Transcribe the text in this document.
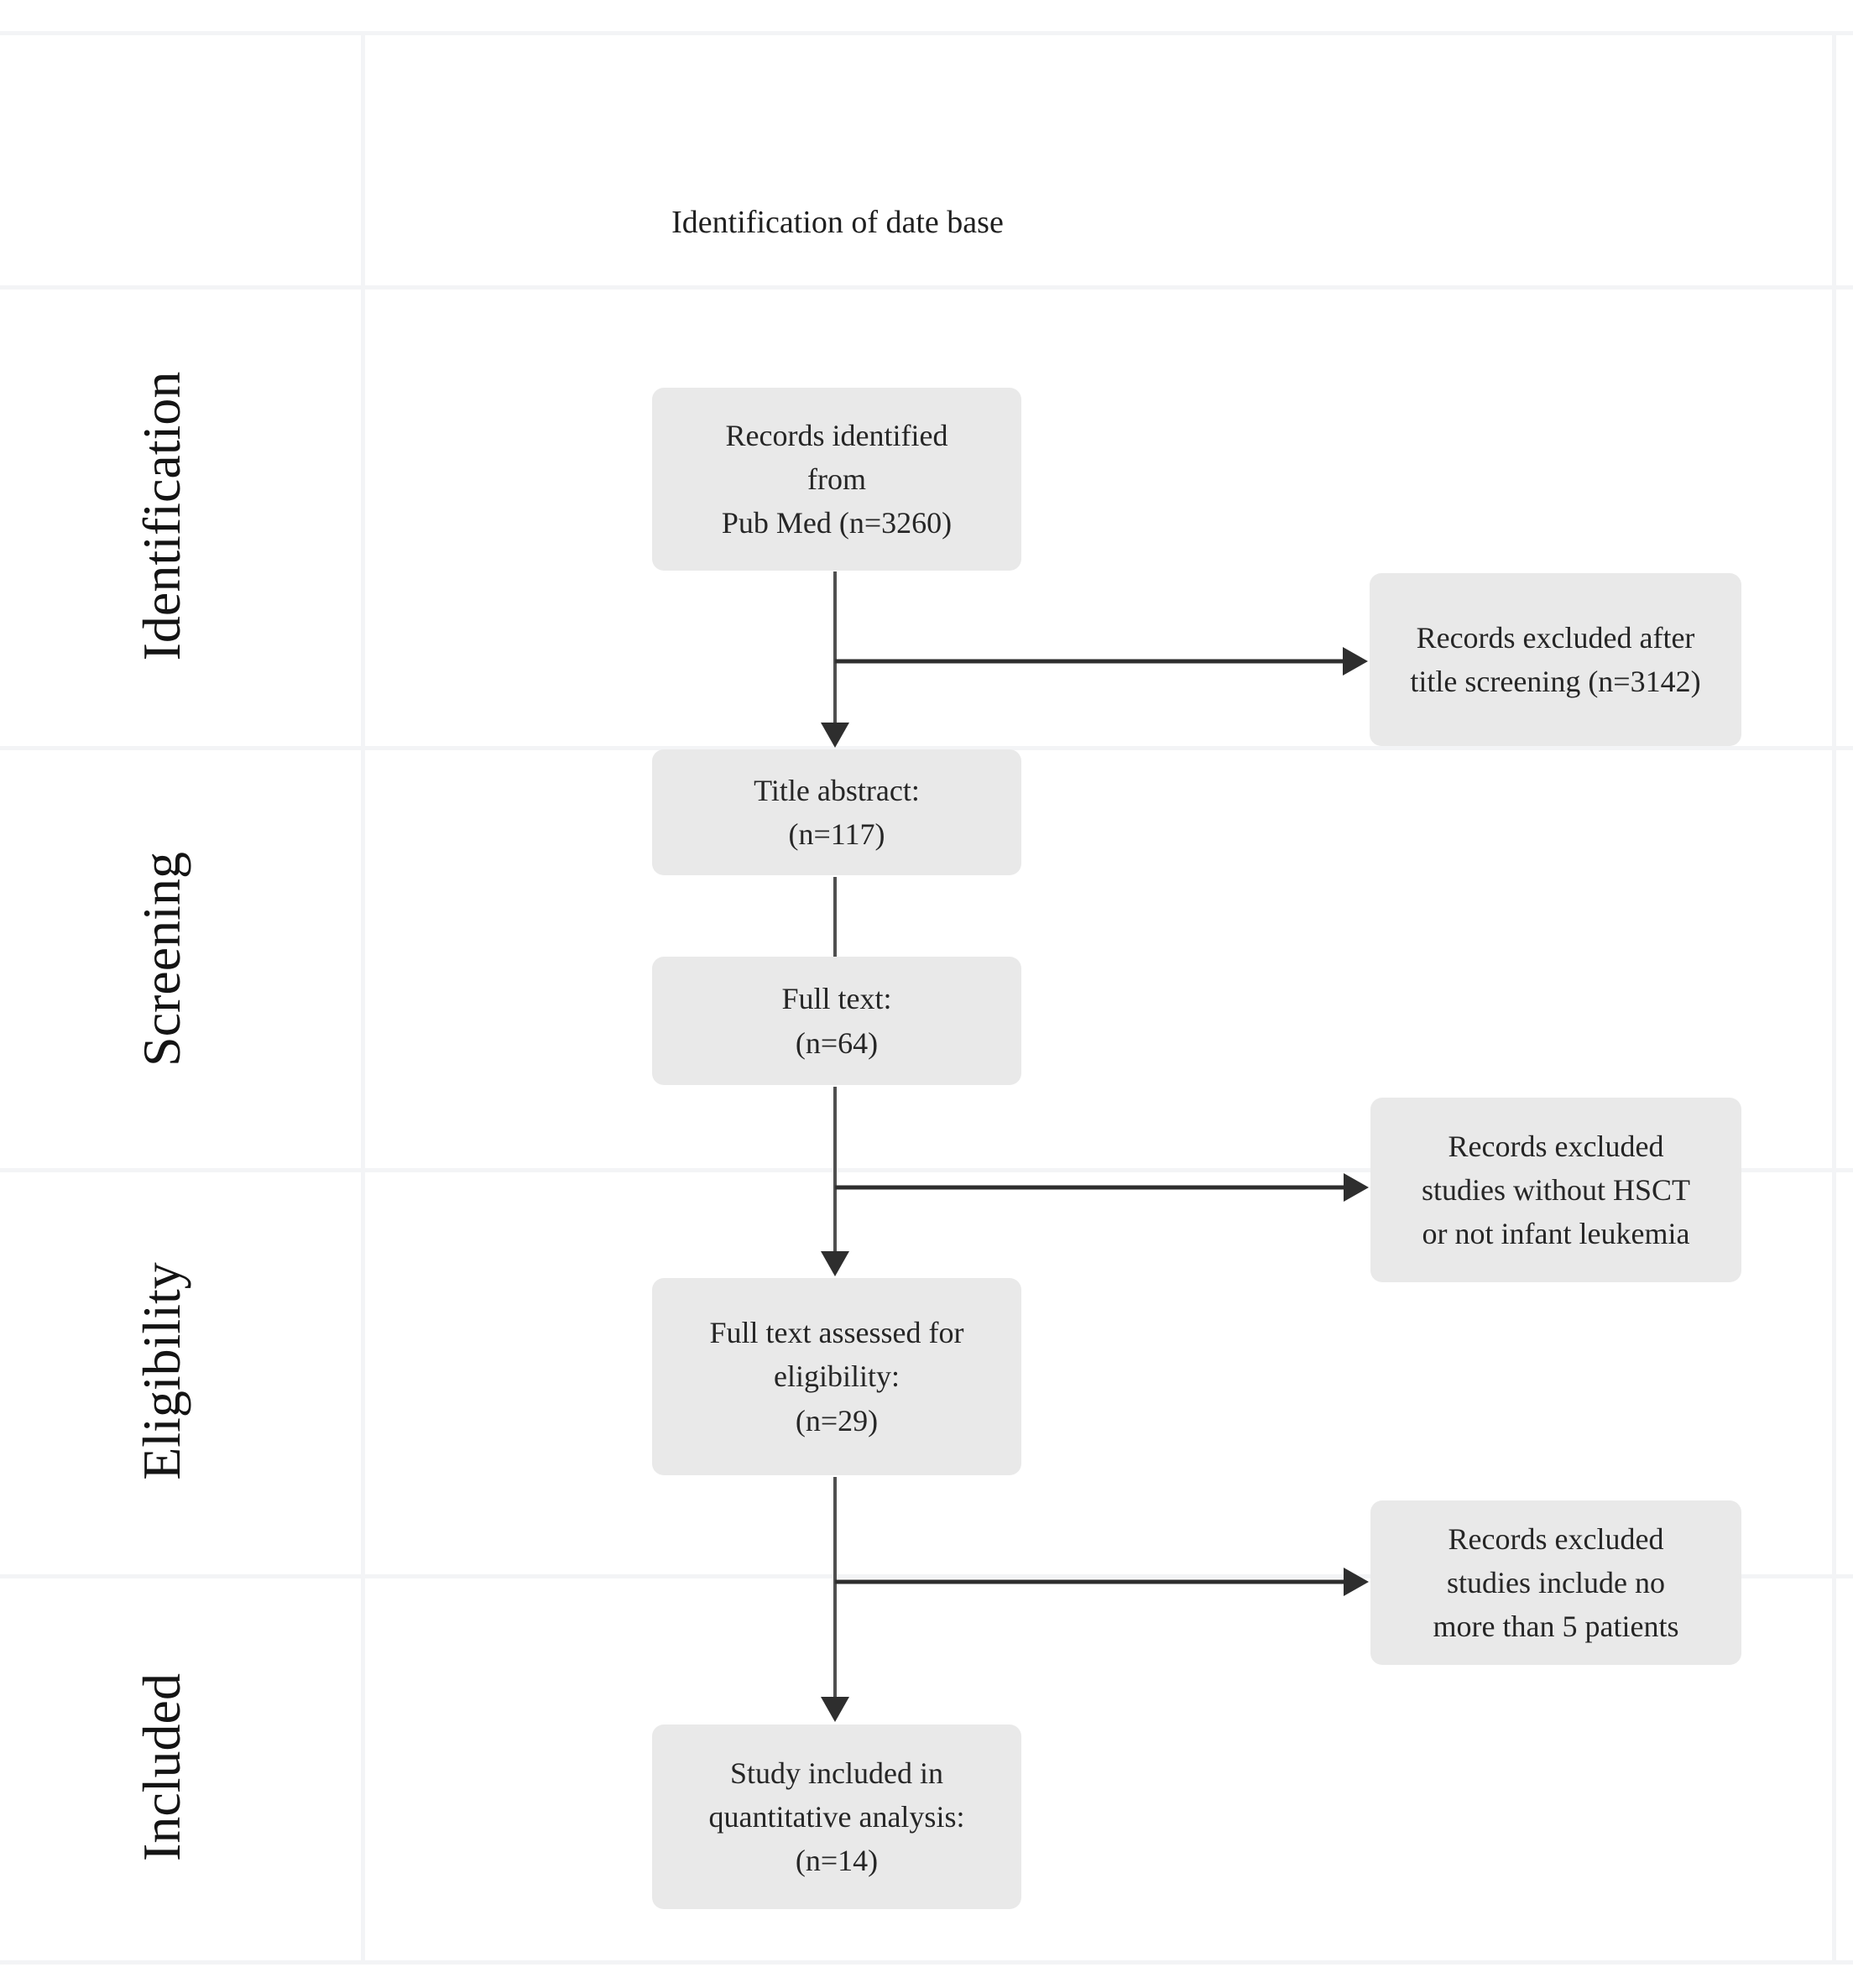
Identification of date base
Identification
Screening
Eligibility
Included
Records identified
from
Pub Med (n=3260)
Title abstract:
(n=117)
Full text:
(n=64)
Full text assessed for
eligibility:
(n=29)
Study included in
quantitative analysis:
(n=14)
Records excluded after
title screening (n=3142)
Records excluded
studies without HSCT
or not infant leukemia
Records excluded
studies include no
more than 5 patients
